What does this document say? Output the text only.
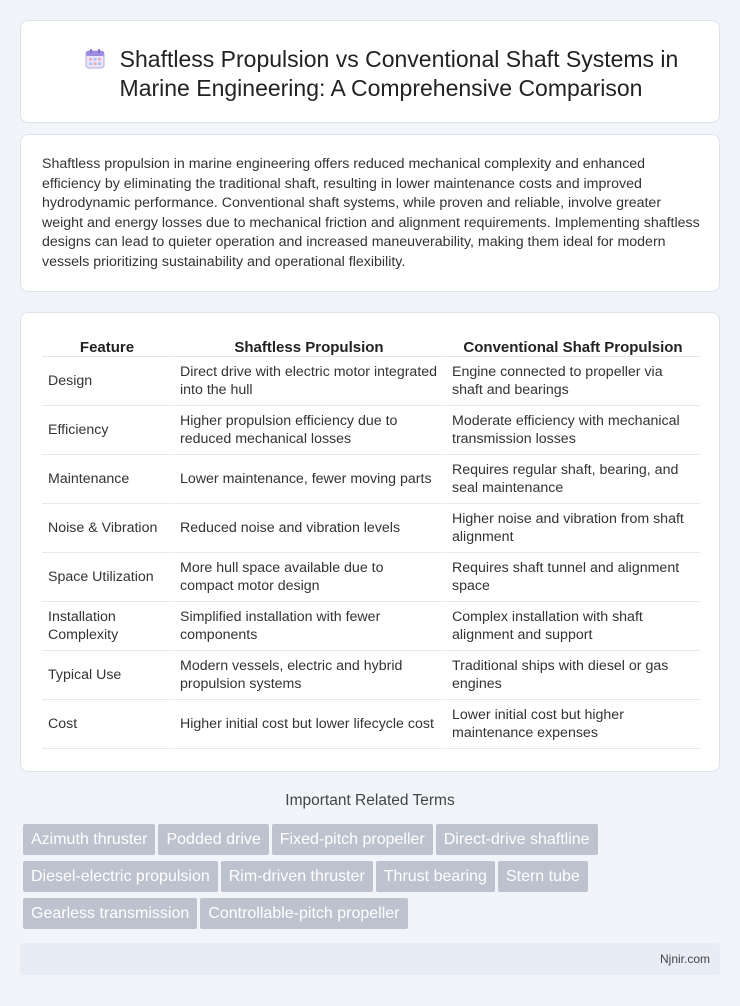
Shaftless Propulsion vs Conventional Shaft Systems in Marine Engineering: A Comprehensive Comparison

Shaftless propulsion in marine engineering offers reduced mechanical complexity and enhanced efficiency by eliminating the traditional shaft, resulting in lower maintenance costs and improved hydrodynamic performance. Conventional shaft systems, while proven and reliable, involve greater weight and energy losses due to mechanical friction and alignment requirements. Implementing shaftless designs can lead to quieter operation and increased maneuverability, making them ideal for modern vessels prioritizing sustainability and operational flexibility.

Feature	Shaftless Propulsion	Conventional Shaft Propulsion
Design	Direct drive with electric motor integrated into the hull	Engine connected to propeller via shaft and bearings
Efficiency	Higher propulsion efficiency due to reduced mechanical losses	Moderate efficiency with mechanical transmission losses
Maintenance	Lower maintenance, fewer moving parts	Requires regular shaft, bearing, and seal maintenance
Noise & Vibration	Reduced noise and vibration levels	Higher noise and vibration from shaft alignment
Space Utilization	More hull space available due to compact motor design	Requires shaft tunnel and alignment space
Installation Complexity	Simplified installation with fewer components	Complex installation with shaft alignment and support
Typical Use	Modern vessels, electric and hybrid propulsion systems	Traditional ships with diesel or gas engines
Cost	Higher initial cost but lower lifecycle cost	Lower initial cost but higher maintenance expenses
Important Related Terms
Azimuth thruster Podded drive Fixed-pitch propeller Direct-drive shaftline
Diesel-electric propulsion Rim-driven thruster Thrust bearing Stern tube
Gearless transmission Controllable-pitch propeller
Njnir.com
